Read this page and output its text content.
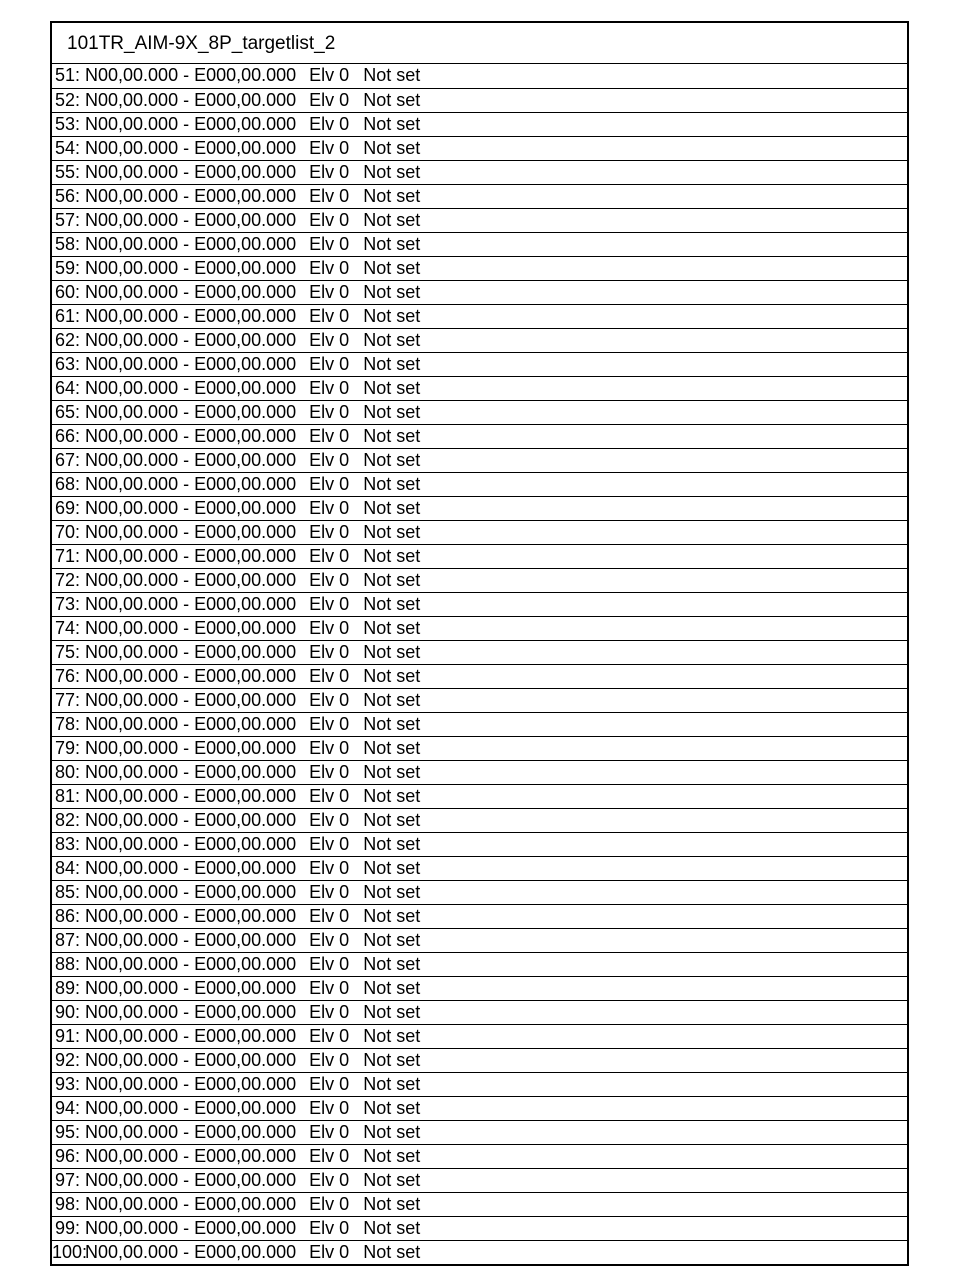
101TR_AIM-9X_8P_targetlist_2
51: N00,00.000 - E000,00.000 Elv 0 Not set
52: N00,00.000 - E000,00.000 Elv 0 Not set
53: N00,00.000 - E000,00.000 Elv 0 Not set
54: N00,00.000 - E000,00.000 Elv 0 Not set
55: N00,00.000 - E000,00.000 Elv 0 Not set
56: N00,00.000 - E000,00.000 Elv 0 Not set
57: N00,00.000 - E000,00.000 Elv 0 Not set
58: N00,00.000 - E000,00.000 Elv 0 Not set
59: N00,00.000 - E000,00.000 Elv 0 Not set
60: N00,00.000 - E000,00.000 Elv 0 Not set
61: N00,00.000 - E000,00.000 Elv 0 Not set
62: N00,00.000 - E000,00.000 Elv 0 Not set
63: N00,00.000 - E000,00.000 Elv 0 Not set
64: N00,00.000 - E000,00.000 Elv 0 Not set
65: N00,00.000 - E000,00.000 Elv 0 Not set
66: N00,00.000 - E000,00.000 Elv 0 Not set
67: N00,00.000 - E000,00.000 Elv 0 Not set
68: N00,00.000 - E000,00.000 Elv 0 Not set
69: N00,00.000 - E000,00.000 Elv 0 Not set
70: N00,00.000 - E000,00.000 Elv 0 Not set
71: N00,00.000 - E000,00.000 Elv 0 Not set
72: N00,00.000 - E000,00.000 Elv 0 Not set
73: N00,00.000 - E000,00.000 Elv 0 Not set
74: N00,00.000 - E000,00.000 Elv 0 Not set
75: N00,00.000 - E000,00.000 Elv 0 Not set
76: N00,00.000 - E000,00.000 Elv 0 Not set
77: N00,00.000 - E000,00.000 Elv 0 Not set
78: N00,00.000 - E000,00.000 Elv 0 Not set
79: N00,00.000 - E000,00.000 Elv 0 Not set
80: N00,00.000 - E000,00.000 Elv 0 Not set
81: N00,00.000 - E000,00.000 Elv 0 Not set
82: N00,00.000 - E000,00.000 Elv 0 Not set
83: N00,00.000 - E000,00.000 Elv 0 Not set
84: N00,00.000 - E000,00.000 Elv 0 Not set
85: N00,00.000 - E000,00.000 Elv 0 Not set
86: N00,00.000 - E000,00.000 Elv 0 Not set
87: N00,00.000 - E000,00.000 Elv 0 Not set
88: N00,00.000 - E000,00.000 Elv 0 Not set
89: N00,00.000 - E000,00.000 Elv 0 Not set
90: N00,00.000 - E000,00.000 Elv 0 Not set
91: N00,00.000 - E000,00.000 Elv 0 Not set
92: N00,00.000 - E000,00.000 Elv 0 Not set
93: N00,00.000 - E000,00.000 Elv 0 Not set
94: N00,00.000 - E000,00.000 Elv 0 Not set
95: N00,00.000 - E000,00.000 Elv 0 Not set
96: N00,00.000 - E000,00.000 Elv 0 Not set
97: N00,00.000 - E000,00.000 Elv 0 Not set
98: N00,00.000 - E000,00.000 Elv 0 Not set
99: N00,00.000 - E000,00.000 Elv 0 Not set
100:N00,00.000 - E000,00.000 Elv 0 Not set
